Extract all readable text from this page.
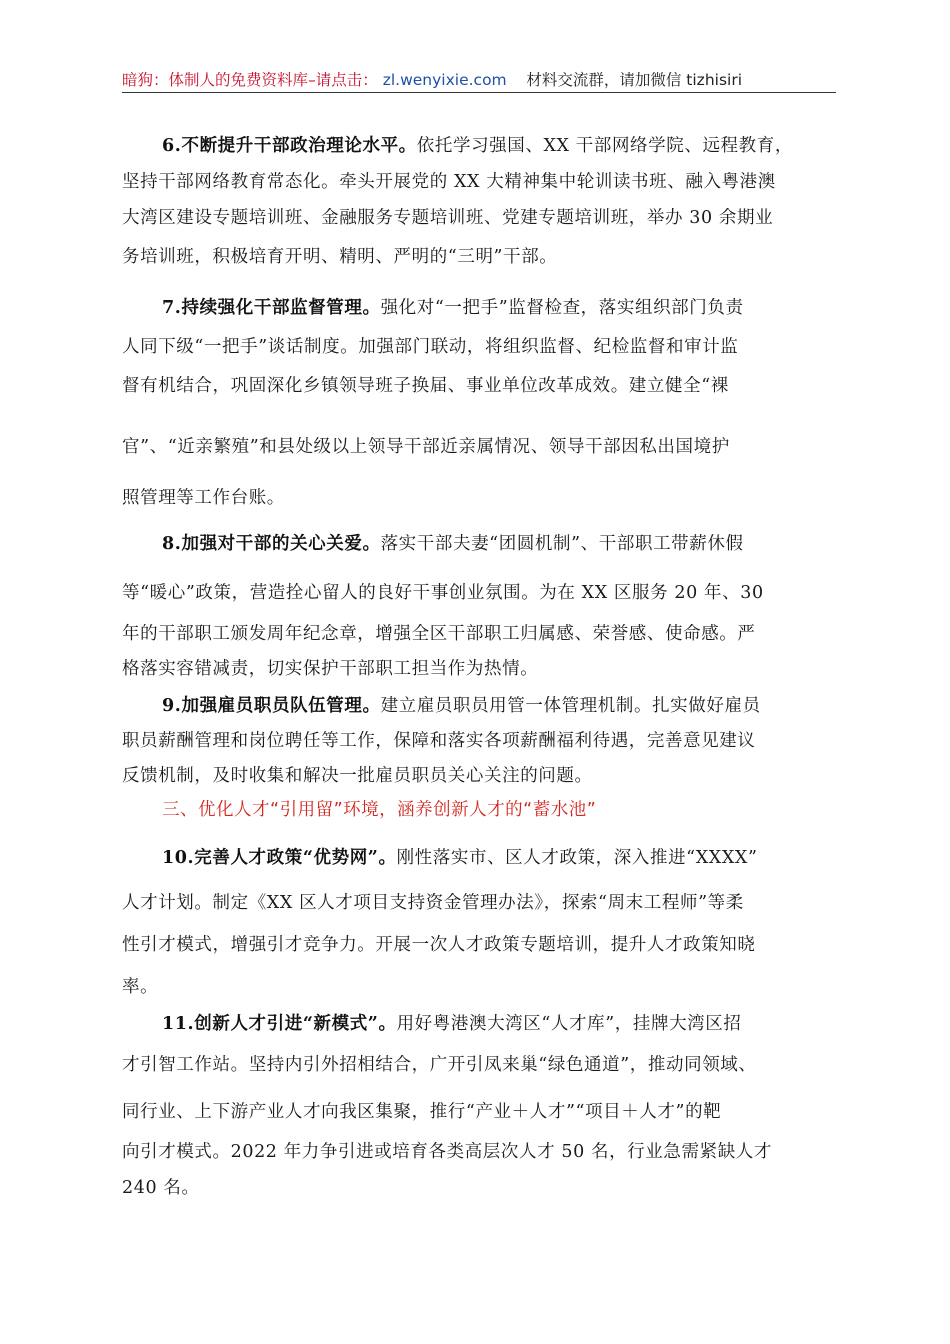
暗狗：体制人的免费资料库–请点击： zl.wenyixie.com 材料交流群，请加微信 tizhisiri
6.不断提升干部政治理论水平。依托学习强国、XX 干部网络学院、远程教育，
坚持干部网络教育常态化。牵头开展党的 XX 大精神集中轮训读书班、融入粤港澳
大湾区建设专题培训班、金融服务专题培训班、党建专题培训班，举办 30 余期业
务培训班，积极培育开明、精明、严明的“三明”干部。
7.持续强化干部监督管理。强化对“一把手”监督检查，落实组织部门负责
人同下级“一把手”谈话制度。加强部门联动，将组织监督、纪检监督和审计监
督有机结合，巩固深化乡镇领导班子换届、事业单位改革成效。建立健全“裸
官”、“近亲繁殖”和县处级以上领导干部近亲属情况、领导干部因私出国境护
照管理等工作台账。
8.加强对干部的关心关爱。落实干部夫妻“团圆机制”、干部职工带薪休假
等“暖心”政策，营造拴心留人的良好干事创业氛围。为在 XX 区服务 20 年、30
年的干部职工颁发周年纪念章，增强全区干部职工归属感、荣誉感、使命感。严
格落实容错减责，切实保护干部职工担当作为热情。
9.加强雇员职员队伍管理。建立雇员职员用管一体管理机制。扎实做好雇员
职员薪酬管理和岗位聘任等工作，保障和落实各项薪酬福利待遇，完善意见建议
反馈机制，及时收集和解决一批雇员职员关心关注的问题。
三、优化人才“引用留”环境，涵养创新人才的“蓄水池”
10.完善人才政策“优势网”。刚性落实市、区人才政策，深入推进“XXXX”
人才计划。制定《XX 区人才项目支持资金管理办法》，探索“周末工程师”等柔
性引才模式，增强引才竞争力。开展一次人才政策专题培训，提升人才政策知晓
率。
11.创新人才引进“新模式”。用好粤港澳大湾区“人才库”，挂牌大湾区招
才引智工作站。坚持内引外招相结合，广开引凤来巢“绿色通道”，推动同领域、
同行业、上下游产业人才向我区集聚，推行“产业＋人才”“项目＋人才”的靶
向引才模式。2022 年力争引进或培育各类高层次人才 50 名，行业急需紧缺人才
240 名。
